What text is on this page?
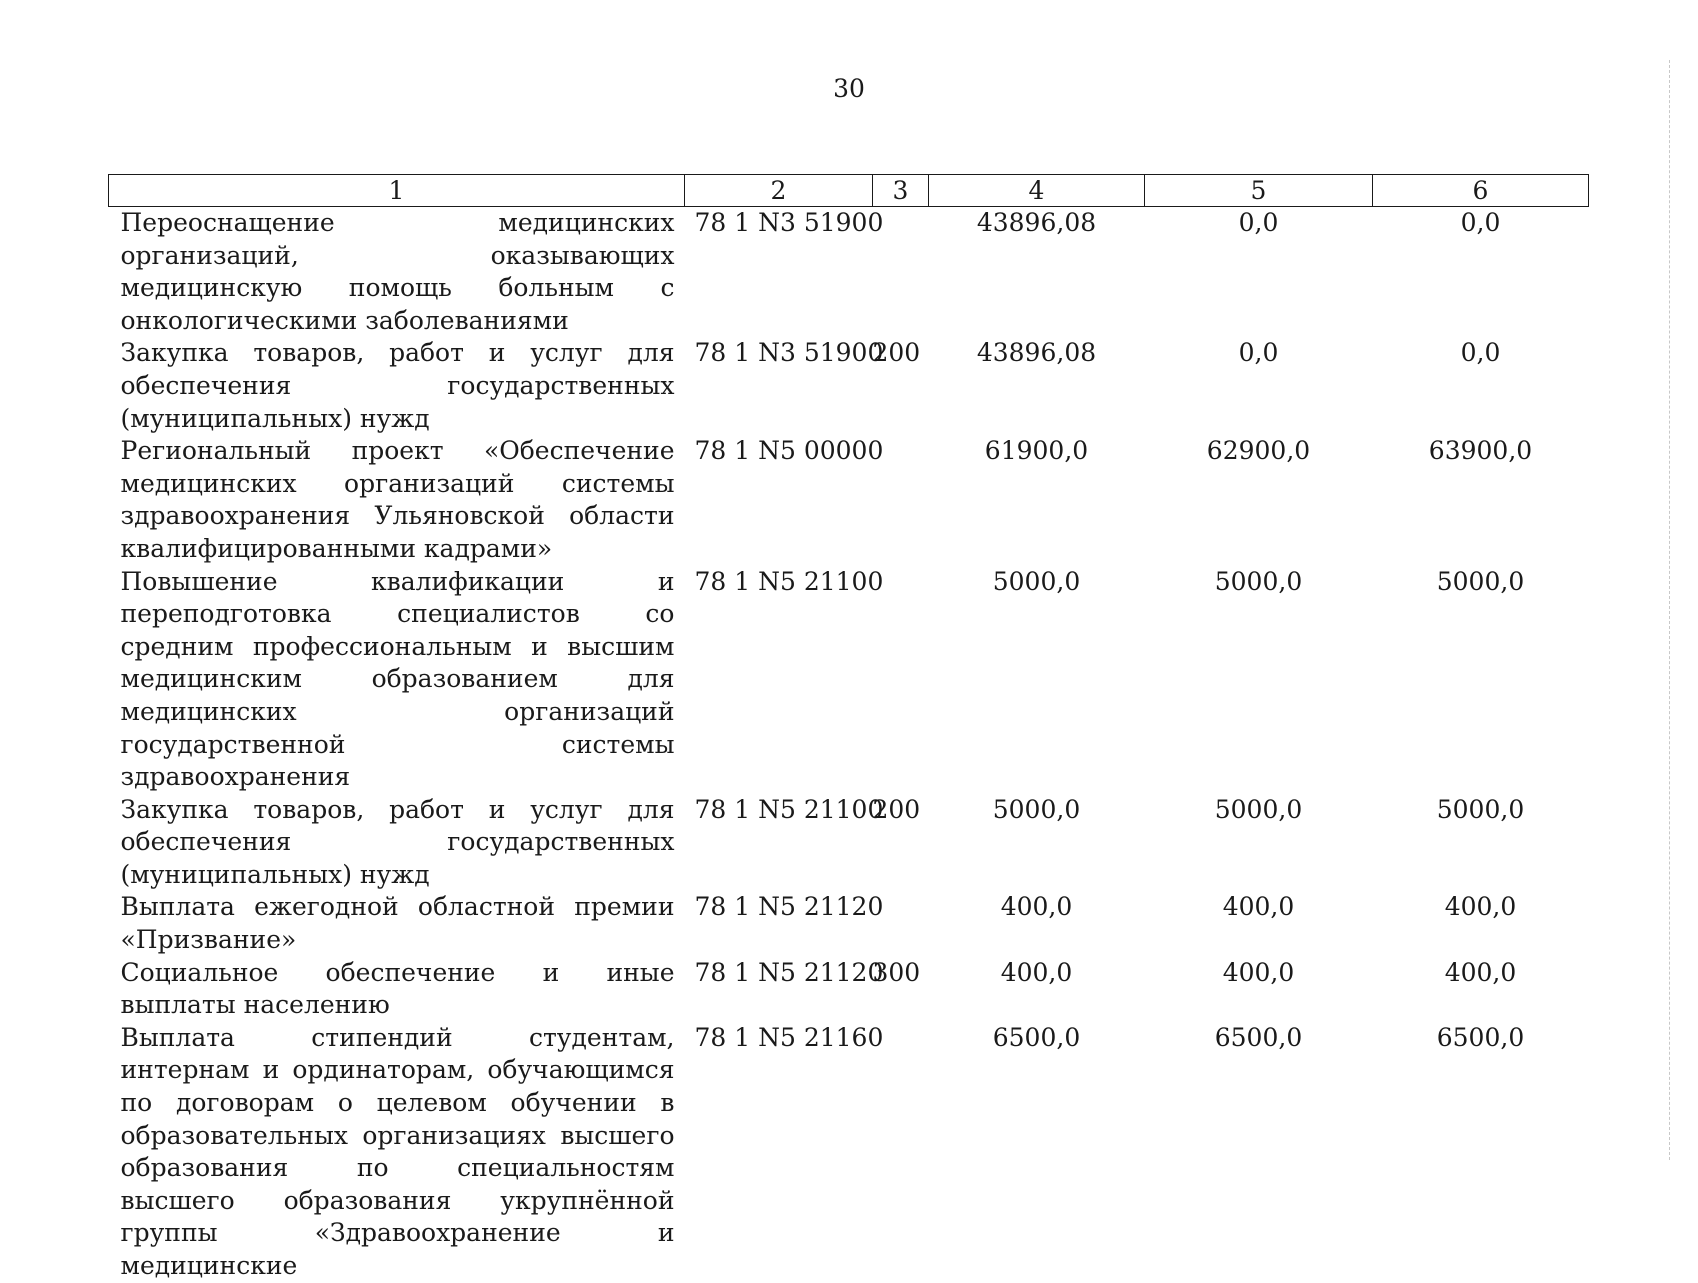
30
1	2	3	4	5	6
Переоснащение медицинских организаций, оказывающих медицинскую помощь больным с онкологическими заболеваниями	78 1 N3 51900		43896,08	0,0	0,0
Закупка товаров, работ и услуг для обеспечения государственных (муниципальных) нужд	78 1 N3 51900	200	43896,08	0,0	0,0
Региональный проект «Обеспечение медицинских организаций системы здравоохранения Ульяновской области квалифицированными кадрами»	78 1 N5 00000		61900,0	62900,0	63900,0
Повышение квалификации и переподготовка специалистов со средним профессиональным и высшим медицинским образованием для медицинских организаций государственной системы здравоохранения	78 1 N5 21100		5000,0	5000,0	5000,0
Закупка товаров, работ и услуг для обеспечения государственных (муниципальных) нужд	78 1 N5 21100	200	5000,0	5000,0	5000,0
Выплата ежегодной областной премии «Призвание»	78 1 N5 21120		400,0	400,0	400,0
Социальное обеспечение и иные выплаты населению	78 1 N5 21120	300	400,0	400,0	400,0
Выплата стипендий студентам, интернам и ординаторам, обучающимся по договорам о целевом обучении в образовательных организациях высшего образования по специальностям высшего образования укрупнённой группы «Здравоохранение и медицинские	78 1 N5 21160		6500,0	6500,0	6500,0
